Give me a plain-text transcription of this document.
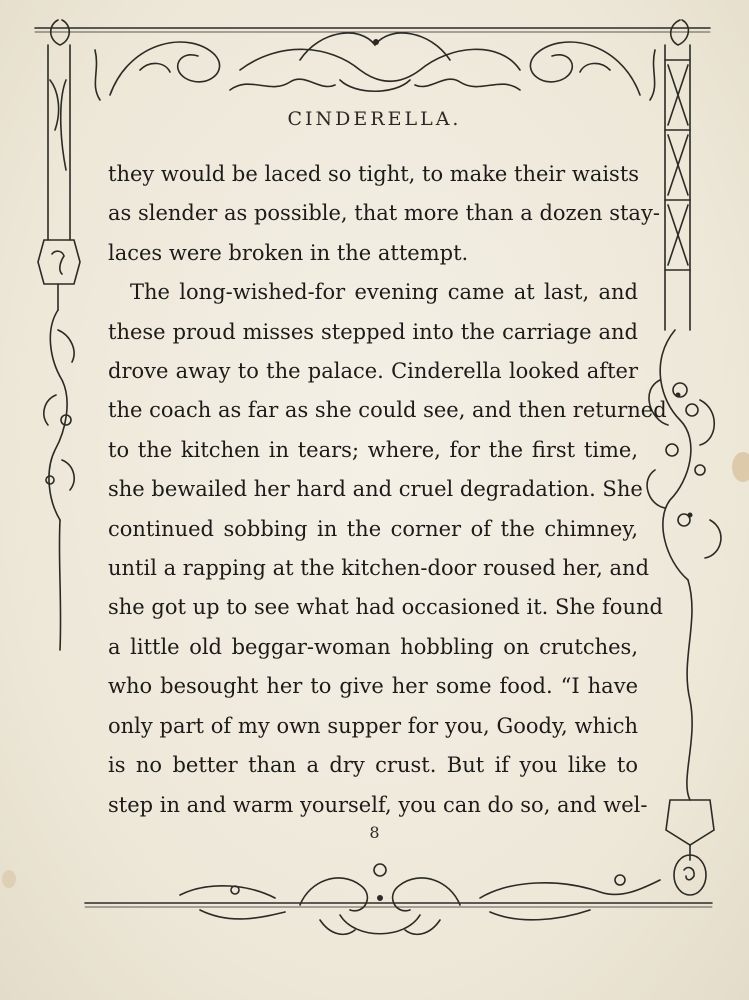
CINDERELLA.
they would be laced so tight, to make their waists
as slender as possible, that more than a dozen stay-
laces were broken in the attempt.
The long-wished-for evening came at last, and
these proud misses stepped into the carriage and
drove away to the palace. Cinderella looked after
the coach as far as she could see, and then returned
to the kitchen in tears; where, for the first time,
she bewailed her hard and cruel degradation. She
continued sobbing in the corner of the chimney,
until a rapping at the kitchen-door roused her, and
she got up to see what had occasioned it. She found
a little old beggar-woman hobbling on crutches,
who besought her to give her some food. “I have
only part of my own supper for you, Goody, which
is no better than a dry crust. But if you like to
step in and warm yourself, you can do so, and wel-
8
